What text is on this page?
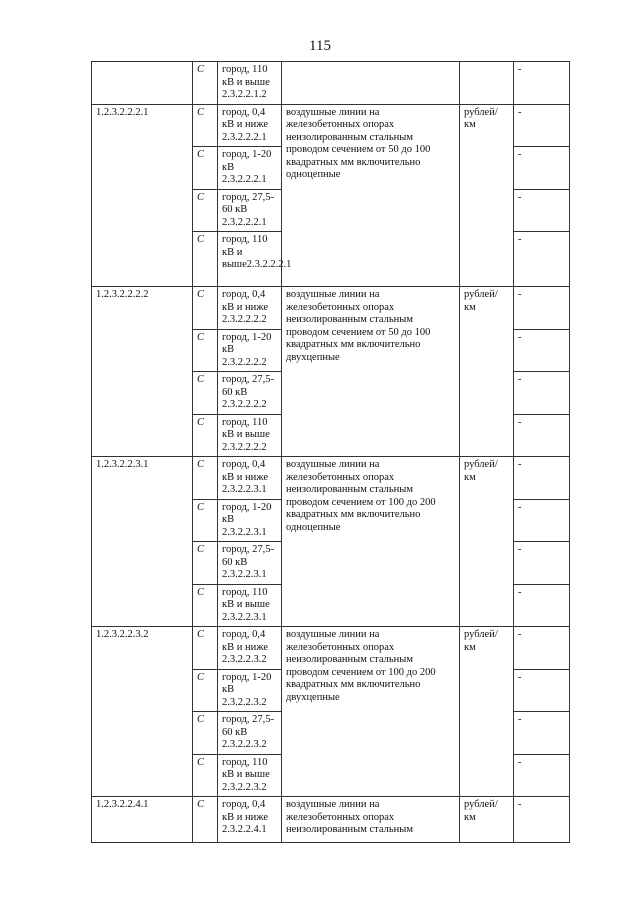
115
	С	город, 110 кВ и выше 2.3.2.2.1.2			-
1.2.3.2.2.2.1	С	город, 0,4 кВ и ниже 2.3.2.2.2.1	воздушные линии на железобетонных опорах неизолированным стальным проводом сечением от 50 до 100 квадратных мм включительно одноцепные	рублей/км	-
	С	город, 1-20 кВ 2.3.2.2.2.1			-
	С	город, 27,5-60 кВ 2.3.2.2.2.1			-
	С	город, 110 кВ и выше2.3.2.2.2.1			-
1.2.3.2.2.2.2	С	город, 0,4 кВ и ниже 2.3.2.2.2.2	воздушные линии на железобетонных опорах неизолированным стальным проводом сечением от 50 до 100 квадратных мм включительно двухцепные	рублей/км	-
	С	город, 1-20 кВ 2.3.2.2.2.2			-
	С	город, 27,5-60 кВ 2.3.2.2.2.2			-
	С	город, 110 кВ и выше 2.3.2.2.2.2			-
1.2.3.2.2.3.1	С	город, 0,4 кВ и ниже 2.3.2.2.3.1	воздушные линии на железобетонных опорах неизолированным стальным проводом сечением от 100 до 200 квадратных мм включительно одноцепные	рублей/км	-
	С	город, 1-20 кВ 2.3.2.2.3.1			-
	С	город, 27,5-60 кВ 2.3.2.2.3.1			-
	С	город, 110 кВ и выше 2.3.2.2.3.1			-
1.2.3.2.2.3.2	С	город, 0,4 кВ и ниже 2.3.2.2.3.2	воздушные линии на железобетонных опорах неизолированным стальным проводом сечением от 100 до 200 квадратных мм включительно двухцепные	рублей/км	-
	С	город, 1-20 кВ 2.3.2.2.3.2			-
	С	город, 27,5-60 кВ 2.3.2.2.3.2			-
	С	город, 110 кВ и выше 2.3.2.2.3.2			-
1.2.3.2.2.4.1	С	город, 0,4 кВ и ниже 2.3.2.2.4.1	воздушные линии на железобетонных опорах неизолированным стальным	рублей/км	-
